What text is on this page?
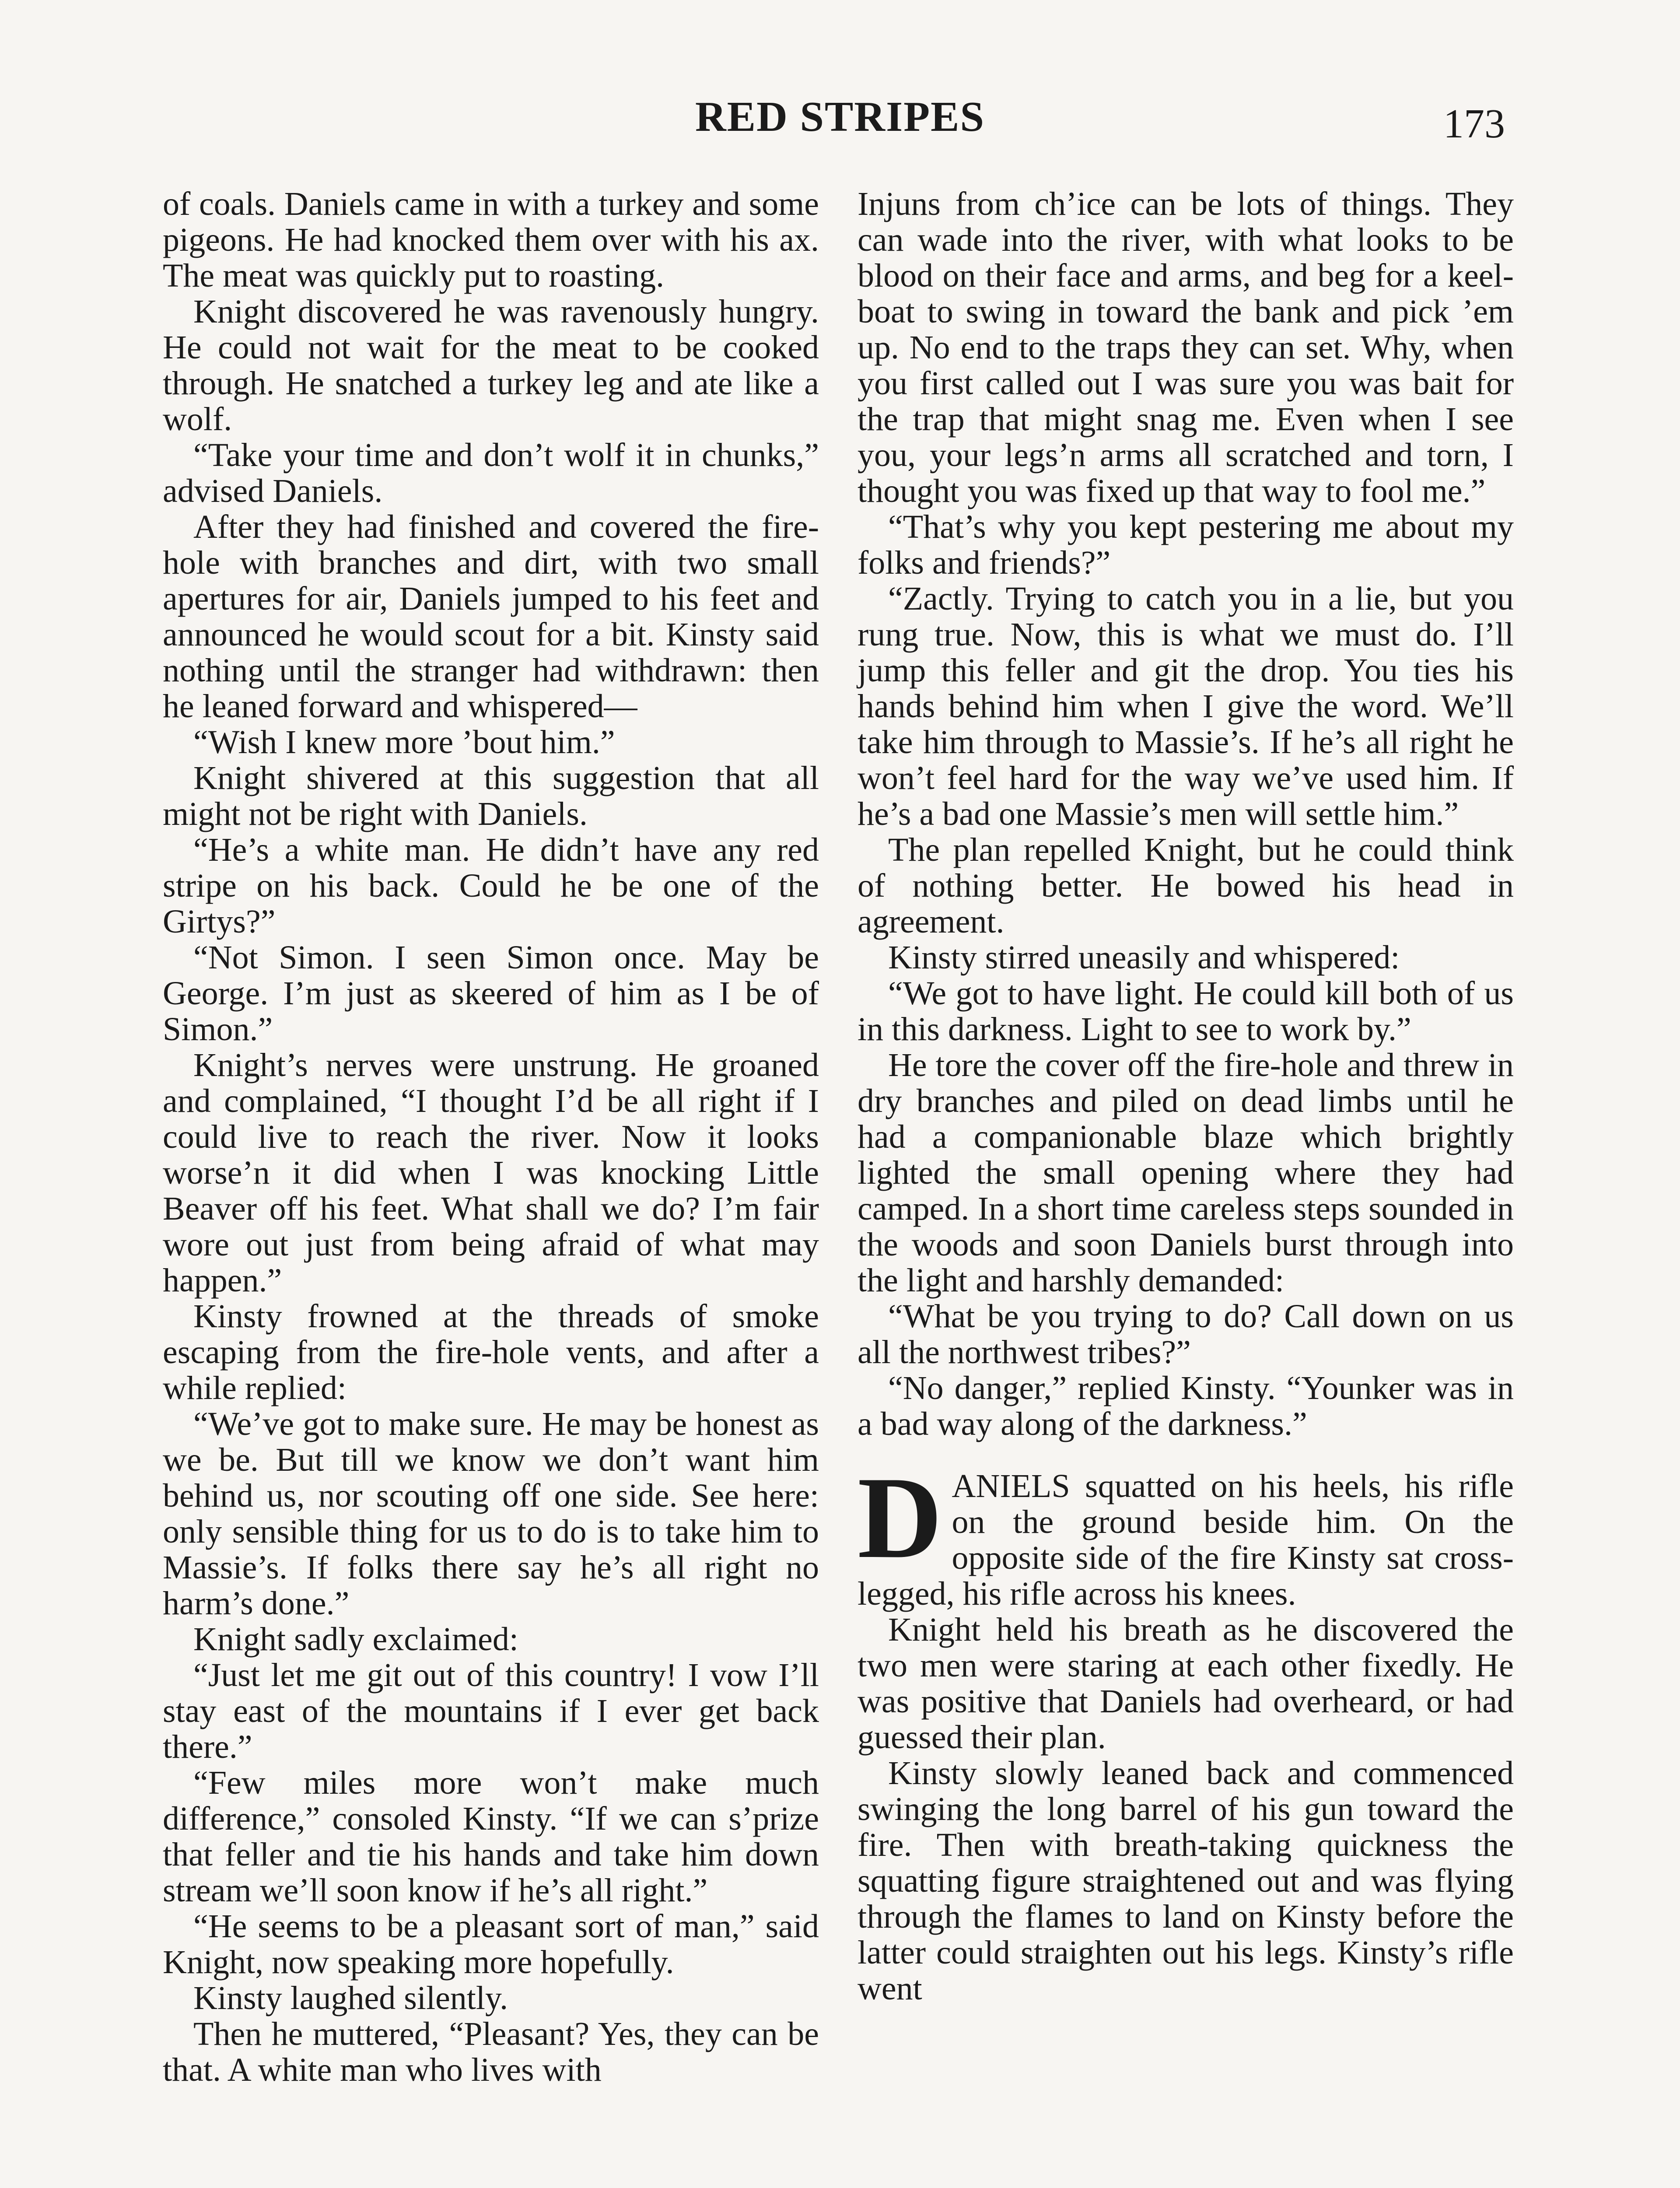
RED STRIPES	173

of coals. Daniels came in with a turkey and some pigeons. He had knocked them over with his ax. The meat was quickly put to roasting.

Knight discovered he was ravenously hungry. He could not wait for the meat to be cooked through. He snatched a turkey leg and ate like a wolf.

“Take your time and don’t wolf it in chunks,” advised Daniels.

After they had finished and covered the fire-hole with branches and dirt, with two small apertures for air, Daniels jumped to his feet and announced he would scout for a bit. Kinsty said nothing until the stranger had withdrawn: then he leaned forward and whispered—

“Wish I knew more ’bout him.”

Knight shivered at this suggestion that all might not be right with Daniels.

“He’s a white man. He didn’t have any red stripe on his back. Could he be one of the Girtys?”

“Not Simon. I seen Simon once. May be George. I’m just as skeered of him as I be of Simon.”

Knight’s nerves were unstrung. He groaned and complained, “I thought I’d be all right if I could live to reach the river. Now it looks worse’n it did when I was knocking Little Beaver off his feet. What shall we do? I’m fair wore out just from being afraid of what may happen.”

Kinsty frowned at the threads of smoke escaping from the fire-hole vents, and after a while replied:

“We’ve got to make sure. He may be honest as we be. But till we know we don’t want him behind us, nor scouting off one side. See here: only sensible thing for us to do is to take him to Massie’s. If folks there say he’s all right no harm’s done.”

Knight sadly exclaimed:

“Just let me git out of this country! I vow I’ll stay east of the mountains if I ever get back there.”

“Few miles more won’t make much difference,” consoled Kinsty. “If we can s’prize that feller and tie his hands and take him down stream we’ll soon know if he’s all right.”

“He seems to be a pleasant sort of man,” said Knight, now speaking more hopefully.

Kinsty laughed silently.

Then he muttered, “Pleasant? Yes, they can be that. A white man who lives with

Injuns from ch’ice can be lots of things. They can wade into the river, with what looks to be blood on their face and arms, and beg for a keel-boat to swing in toward the bank and pick ’em up. No end to the traps they can set. Why, when you first called out I was sure you was bait for the trap that might snag me. Even when I see you, your legs’n arms all scratched and torn, I thought you was fixed up that way to fool me.”

“That’s why you kept pestering me about my folks and friends?”

“Zactly. Trying to catch you in a lie, but you rung true. Now, this is what we must do. I’ll jump this feller and git the drop. You ties his hands behind him when I give the word. We’ll take him through to Massie’s. If he’s all right he won’t feel hard for the way we’ve used him. If he’s a bad one Massie’s men will settle him.”

The plan repelled Knight, but he could think of nothing better. He bowed his head in agreement.

Kinsty stirred uneasily and whispered:

“We got to have light. He could kill both of us in this darkness. Light to see to work by.”

He tore the cover off the fire-hole and threw in dry branches and piled on dead limbs until he had a companionable blaze which brightly lighted the small opening where they had camped. In a short time careless steps sounded in the woods and soon Daniels burst through into the light and harshly demanded:

“What be you trying to do? Call down on us all the northwest tribes?”

“No danger,” replied Kinsty. “Younker was in a bad way along of the darkness.”

DANIELS squatted on his heels, his rifle on the ground beside him. On the opposite side of the fire Kinsty sat cross-legged, his rifle across his knees.

Knight held his breath as he discovered the two men were staring at each other fixedly. He was positive that Daniels had overheard, or had guessed their plan.

Kinsty slowly leaned back and commenced swinging the long barrel of his gun toward the fire. Then with breath-taking quickness the squatting figure straightened out and was flying through the flames to land on Kinsty before the latter could straighten out his legs. Kinsty’s rifle went
